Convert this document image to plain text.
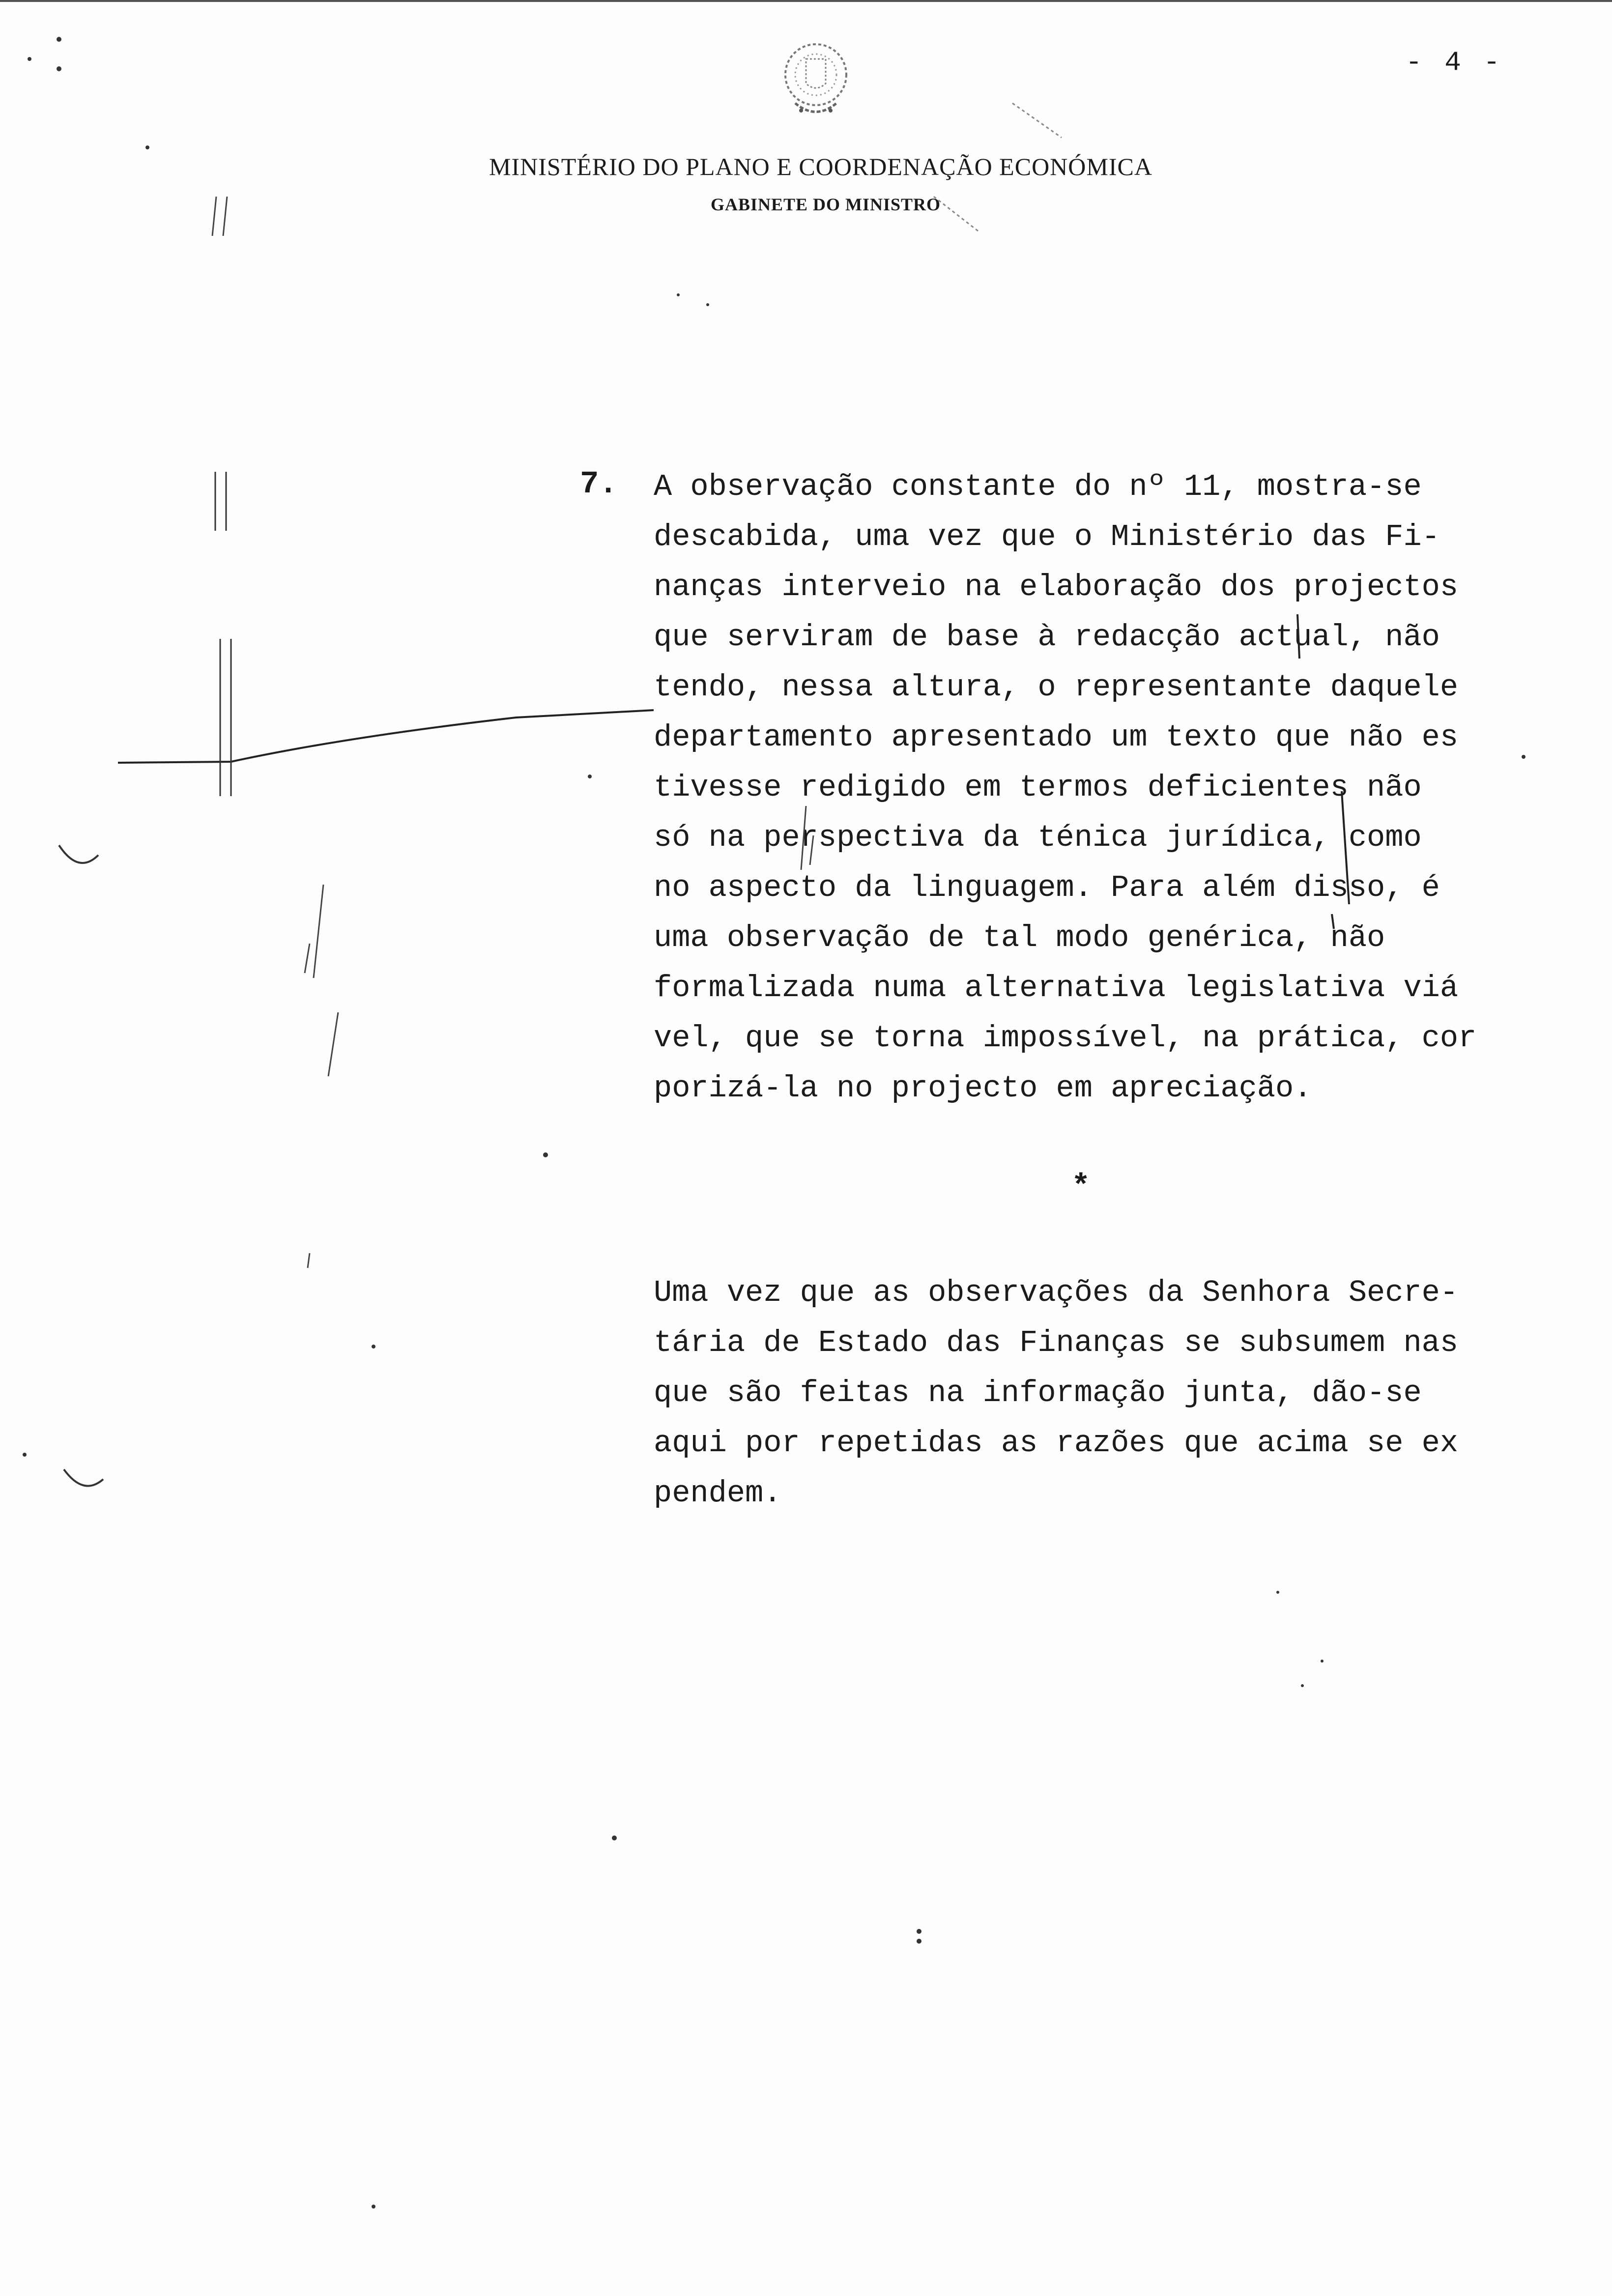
- 4 -
MINISTÉRIO DO PLANO E COORDENAÇÃO ECONÓMICA
GABINETE DO MINISTRO
7. A observação constante do nº 11, mostra-se
descabida, uma vez que o Ministério das Fi-
nanças interveio na elaboração dos projectos
que serviram de base à redacção actual, não
tendo, nessa altura, o representante daquele
departamento apresentado um texto que não es
tivesse redigido em termos deficientes não
só na perspectiva da ténica jurídica, como
no aspecto da linguagem. Para além disso, é
uma observação de tal modo genérica, não
formalizada numa alternativa legislativa viá
vel, que se torna impossível, na prática, cor
porizá-la no projecto em apreciação.
*
Uma vez que as observações da Senhora Secre-
tária de Estado das Finanças se subsumem nas
que são feitas na informação junta, dão-se
aqui por repetidas as razões que acima se ex
pendem.
